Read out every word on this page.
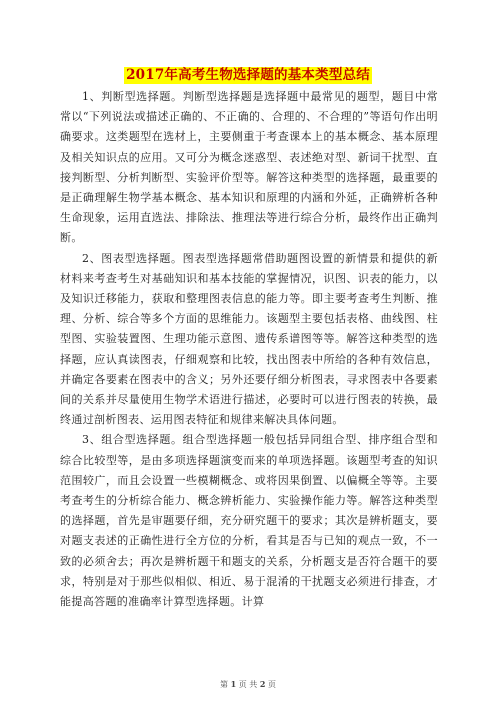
2017年高考生物选择题的基本类型总结

1、判断型选择题。判断型选择题是选择题中最常见的题型，题目中常常以“下列说法或描述正确的、不正确的、合理的、不合理的”等语句作出明确要求。这类题型在选材上，主要侧重于考查课本上的基本概念、基本原理及相关知识点的应用。又可分为概念迷惑型、表述绝对型、新词干扰型、直接判断型、分析判断型、实验评价型等。解答这种类型的选择题，最重要的是正确理解生物学基本概念、基本知识和原理的内涵和外延，正确辨析各种生命现象，运用直选法、排除法、推理法等进行综合分析，最终作出正确判断。

2、图表型选择题。图表型选择题常借助题图设置的新情景和提供的新材料来考查考生对基础知识和基本技能的掌握情况，识图、识表的能力，以及知识迁移能力，获取和整理图表信息的能力等。即主要考查考生判断、推理、分析、综合等多个方面的思维能力。该题型主要包括表格、曲线图、柱型图、实验装置图、生理功能示意图、遗传系谱图等等。解答这种类型的选择题，应认真读图表，仔细观察和比较，找出图表中所给的各种有效信息，并确定各要素在图表中的含义；另外还要仔细分析图表，寻求图表中各要素间的关系并尽量使用生物学术语进行描述，必要时可以进行图表的转换，最终通过剖析图表、运用图表特征和规律来解决具体问题。

3、组合型选择题。组合型选择题一般包括异同组合型、排序组合型和综合比较型等，是由多项选择题演变而来的单项选择题。该题型考查的知识范围较广，而且会设置一些模糊概念、或将因果倒置、以偏概全等等。主要考查考生的分析综合能力、概念辨析能力、实验操作能力等。解答这种类型的选择题，首先是审题要仔细，充分研究题干的要求；其次是辨析题支，要对题支表述的正确性进行全方位的分析，看其是否与已知的观点一致，不一致的必须舍去；再次是辨析题干和题支的关系，分析题支是否符合题干的要求，特别是对于那些似相似、相近、易于混淆的干扰题支必须进行排查，才能提高答题的准确率计算型选择题。计算

第 1 页 共 2 页
